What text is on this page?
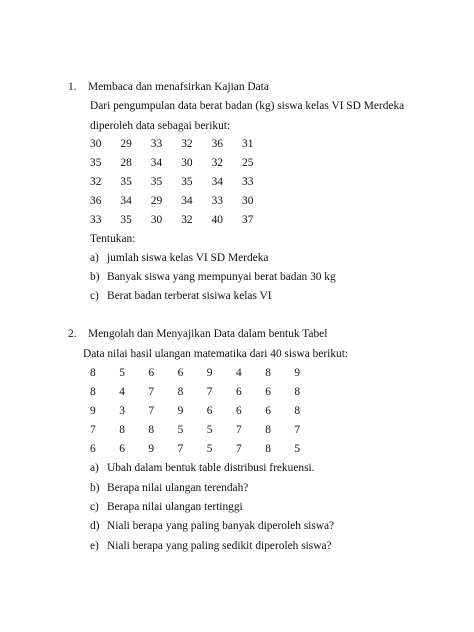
1. Membaca dan menafsirkan Kajian Data
Dari pengumpulan data berat badan (kg) siswa kelas VI SD Merdeka
diperoleh data sebagai berikut:
30 29 33 32 36 31
35 28 34 30 32 25
32 35 35 35 34 33
36 34 29 34 33 30
33 35 30 32 40 37
Tentukan:
a) jumlah siswa kelas VI SD Merdeka
b) Banyak siswa yang mempunyai berat badan 30 kg
c) Berat badan terberat sisiwa kelas VI
2. Mengolah dan Menyajikan Data dalam bentuk Tabel
Data nilai hasil ulangan matematika dari 40 siswa berikut:
8 5 6 6 9 4 8 9
8 4 7 8 7 6 6 8
9 3 7 9 6 6 6 8
7 8 8 5 5 7 8 7
6 6 9 7 5 7 8 5
a) Ubah dalam bentuk table distribusi frekuensi.
b) Berapa nilai ulangan terendah?
c) Berapa nilai ulangan tertinggi
d) Niali berapa yang paling banyak diperoleh siswa?
e) Niali berapa yang paling sedikit diperoleh siswa?
